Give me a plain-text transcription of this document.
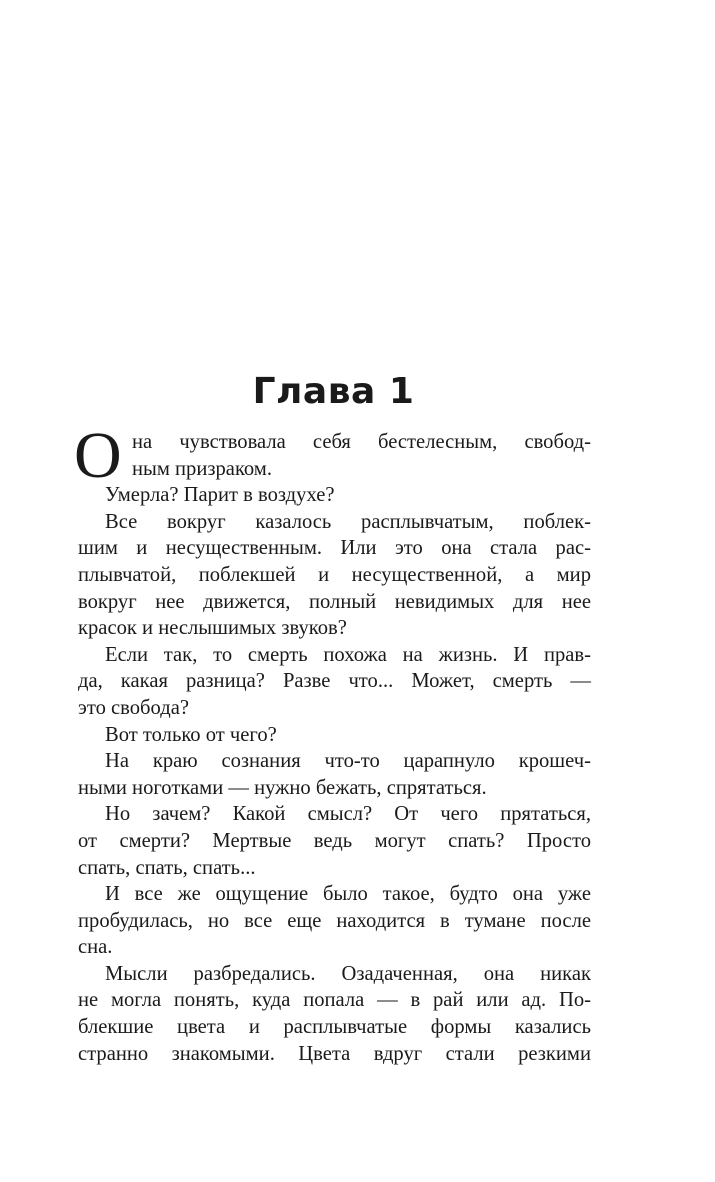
Глава 1
О на чувствовала себя бестелесным, свобод-
ным призраком.
Умерла? Парит в воздухе?
Все вокруг казалось расплывчатым, поблек-
шим и несущественным. Или это она стала рас-
плывчатой, поблекшей и несущественной, а мир
вокруг нее движется, полный невидимых для нее
красок и неслышимых звуков?
Если так, то смерть похожа на жизнь. И прав-
да, какая разница? Разве что... Может, смерть —
это свобода?
Вот только от чего?
На краю сознания что-то царапнуло крошеч-
ными ноготками — нужно бежать, спрятаться.
Но зачем? Какой смысл? От чего прятаться,
от смерти? Мертвые ведь могут спать? Просто
спать, спать, спать...
И все же ощущение было такое, будто она уже
пробудилась, но все еще находится в тумане после
сна.
Мысли разбредались. Озадаченная, она никак
не могла понять, куда попала — в рай или ад. По-
блекшие цвета и расплывчатые формы казались
странно знакомыми. Цвета вдруг стали резкими
